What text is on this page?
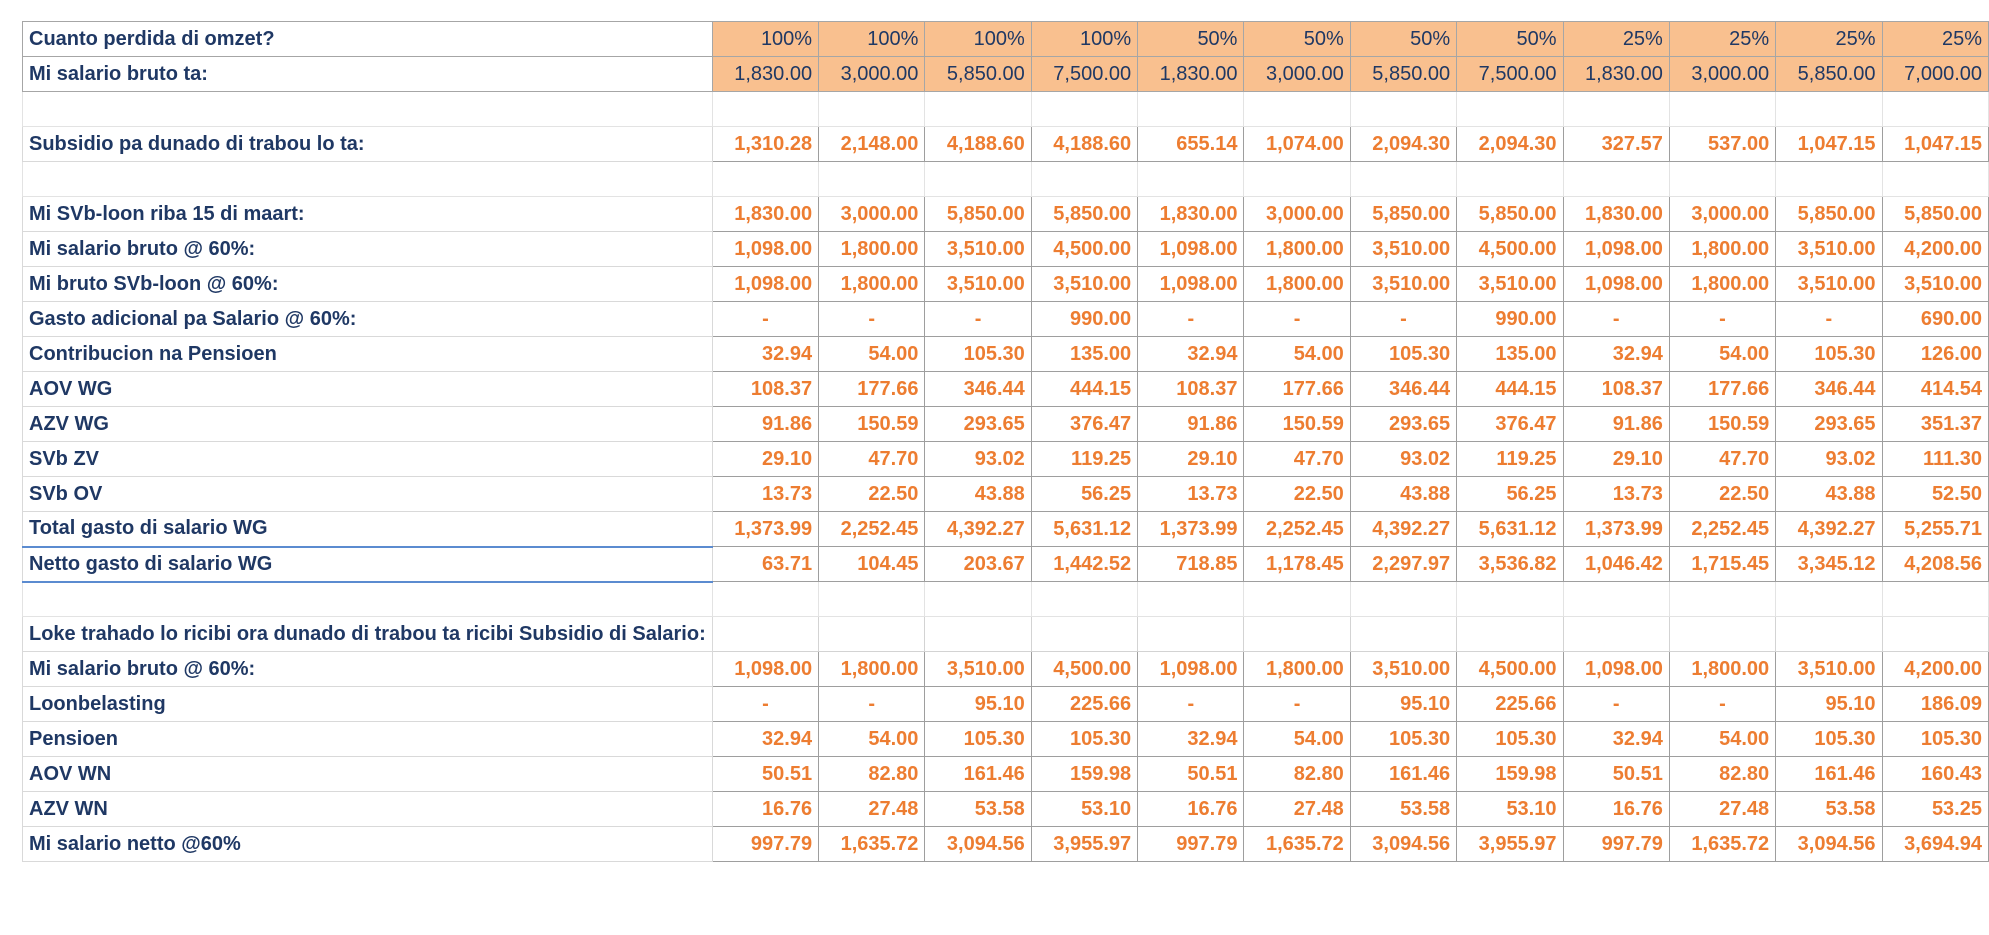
Cuanto perdida di omzet?	100%	100%	100%	100%	50%	50%	50%	50%	25%	25%	25%	25%
Mi salario bruto ta:	1,830.00	3,000.00	5,850.00	7,500.00	1,830.00	3,000.00	5,850.00	7,500.00	1,830.00	3,000.00	5,850.00	7,000.00

Subsidio pa dunado di trabou lo ta:	1,310.28	2,148.00	4,188.60	4,188.60	655.14	1,074.00	2,094.30	2,094.30	327.57	537.00	1,047.15	1,047.15

Mi SVb-loon riba 15 di maart:	1,830.00	3,000.00	5,850.00	5,850.00	1,830.00	3,000.00	5,850.00	5,850.00	1,830.00	3,000.00	5,850.00	5,850.00
Mi salario bruto @ 60%:	1,098.00	1,800.00	3,510.00	4,500.00	1,098.00	1,800.00	3,510.00	4,500.00	1,098.00	1,800.00	3,510.00	4,200.00
Mi bruto SVb-loon @ 60%:	1,098.00	1,800.00	3,510.00	3,510.00	1,098.00	1,800.00	3,510.00	3,510.00	1,098.00	1,800.00	3,510.00	3,510.00
Gasto adicional pa Salario @ 60%:	-	-	-	990.00	-	-	-	990.00	-	-	-	690.00
Contribucion na Pensioen	32.94	54.00	105.30	135.00	32.94	54.00	105.30	135.00	32.94	54.00	105.30	126.00
AOV WG	108.37	177.66	346.44	444.15	108.37	177.66	346.44	444.15	108.37	177.66	346.44	414.54
AZV WG	91.86	150.59	293.65	376.47	91.86	150.59	293.65	376.47	91.86	150.59	293.65	351.37
SVb ZV	29.10	47.70	93.02	119.25	29.10	47.70	93.02	119.25	29.10	47.70	93.02	111.30
SVb OV	13.73	22.50	43.88	56.25	13.73	22.50	43.88	56.25	13.73	22.50	43.88	52.50
Total gasto di salario WG	1,373.99	2,252.45	4,392.27	5,631.12	1,373.99	2,252.45	4,392.27	5,631.12	1,373.99	2,252.45	4,392.27	5,255.71
Netto gasto di salario WG	63.71	104.45	203.67	1,442.52	718.85	1,178.45	2,297.97	3,536.82	1,046.42	1,715.45	3,345.12	4,208.56

Loke trahado lo ricibi ora dunado di trabou ta ricibi Subsidio di Salario:												
Mi salario bruto @ 60%:	1,098.00	1,800.00	3,510.00	4,500.00	1,098.00	1,800.00	3,510.00	4,500.00	1,098.00	1,800.00	3,510.00	4,200.00
Loonbelasting	-	-	95.10	225.66	-	-	95.10	225.66	-	-	95.10	186.09
Pensioen	32.94	54.00	105.30	105.30	32.94	54.00	105.30	105.30	32.94	54.00	105.30	105.30
AOV WN	50.51	82.80	161.46	159.98	50.51	82.80	161.46	159.98	50.51	82.80	161.46	160.43
AZV WN	16.76	27.48	53.58	53.10	16.76	27.48	53.58	53.10	16.76	27.48	53.58	53.25
Mi salario netto @60%	997.79	1,635.72	3,094.56	3,955.97	997.79	1,635.72	3,094.56	3,955.97	997.79	1,635.72	3,094.56	3,694.94
